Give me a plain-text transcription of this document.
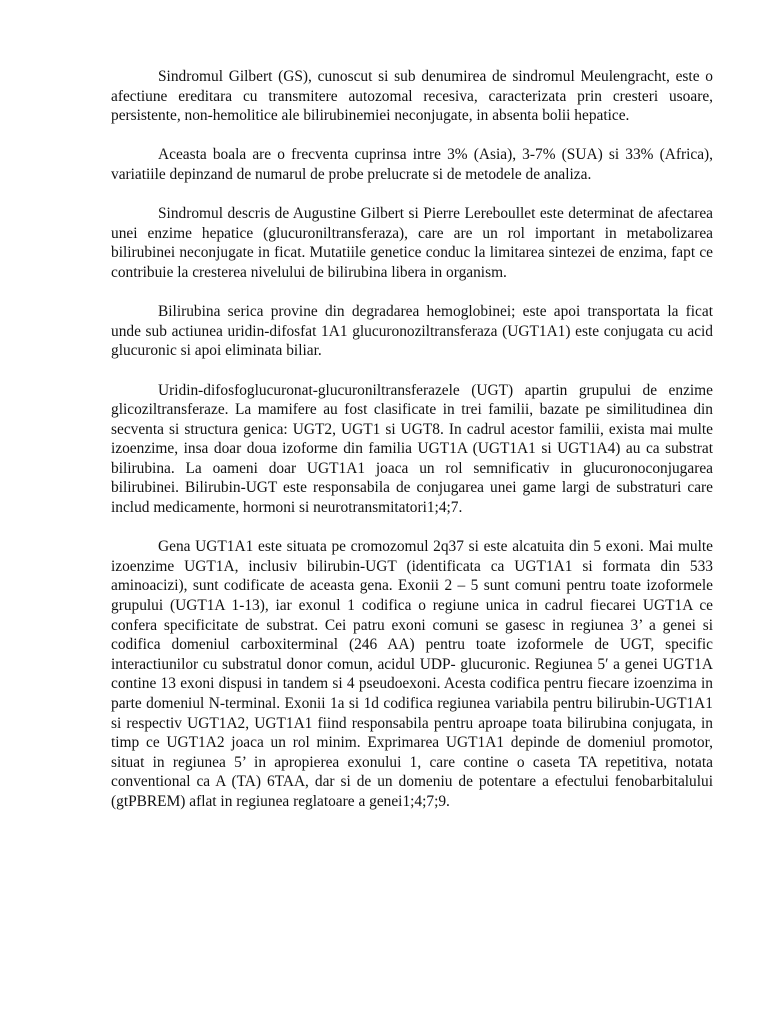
Sindromul Gilbert (GS), cunoscut si sub denumirea de sindromul Meulengracht, este o afectiune ereditara cu transmitere autozomal recesiva, caracterizata prin cresteri usoare, persistente, non-hemolitice ale bilirubinemiei neconjugate, in absenta bolii hepatice.

Aceasta boala are o frecventa cuprinsa intre 3% (Asia), 3-7% (SUA) si 33% (Africa), variatiile depinzand de numarul de probe prelucrate si de metodele de analiza.

Sindromul descris de Augustine Gilbert si Pierre Lereboullet este determinat de afectarea unei enzime hepatice (glucuroniltransferaza), care are un rol important in metabolizarea bilirubinei neconjugate in ficat. Mutatiile genetice conduc la limitarea sintezei de enzima, fapt ce contribuie la cresterea nivelului de bilirubina libera in organism.

Bilirubina serica provine din degradarea hemoglobinei; este apoi transportata la ficat unde sub actiunea uridin-difosfat 1A1 glucuronoziltransferaza (UGT1A1) este conjugata cu acid glucuronic si apoi eliminata biliar.

Uridin-difosfoglucuronat-glucuroniltransferazele (UGT) apartin grupului de enzime glicoziltransferaze. La mamifere au fost clasificate in trei familii, bazate pe similitudinea din secventa si structura genica: UGT2, UGT1 si UGT8. In cadrul acestor familii, exista mai multe izoenzime, insa doar doua izoforme din familia UGT1A (UGT1A1 si UGT1A4) au ca substrat bilirubina. La oameni doar UGT1A1 joaca un rol semnificativ in glucuronoconjugarea bilirubinei. Bilirubin-UGT este responsabila de conjugarea unei game largi de substraturi care includ medicamente, hormoni si neurotransmitatori1;4;7.

Gena UGT1A1 este situata pe cromozomul 2q37 si este alcatuita din 5 exoni. Mai multe izoenzime UGT1A, inclusiv bilirubin-UGT (identificata ca UGT1A1 si formata din 533 aminoacizi), sunt codificate de aceasta gena. Exonii 2 – 5 sunt comuni pentru toate izoformele grupului (UGT1A 1-13), iar exonul 1 codifica o regiune unica in cadrul fiecarei UGT1A ce confera specificitate de substrat. Cei patru exoni comuni se gasesc in regiunea 3’ a genei si codifica domeniul carboxiterminal (246 AA) pentru toate izoformele de UGT, specific interactiunilor cu substratul donor comun, acidul UDP- glucuronic. Regiunea 5′ a genei UGT1A contine 13 exoni dispusi in tandem si 4 pseudoexoni. Acesta codifica pentru fiecare izoenzima in parte domeniul N-terminal. Exonii 1a si 1d codifica regiunea variabila pentru bilirubin-UGT1A1 si respectiv UGT1A2, UGT1A1 fiind responsabila pentru aproape toata bilirubina conjugata, in timp ce UGT1A2 joaca un rol minim. Exprimarea UGT1A1 depinde de domeniul promotor, situat in regiunea 5’ in apropierea exonului 1, care contine o caseta TA repetitiva, notata conventional ca A (TA) 6TAA, dar si de un domeniu de potentare a efectului fenobarbitalului (gtPBREM) aflat in regiunea reglatoare a genei1;4;7;9.
